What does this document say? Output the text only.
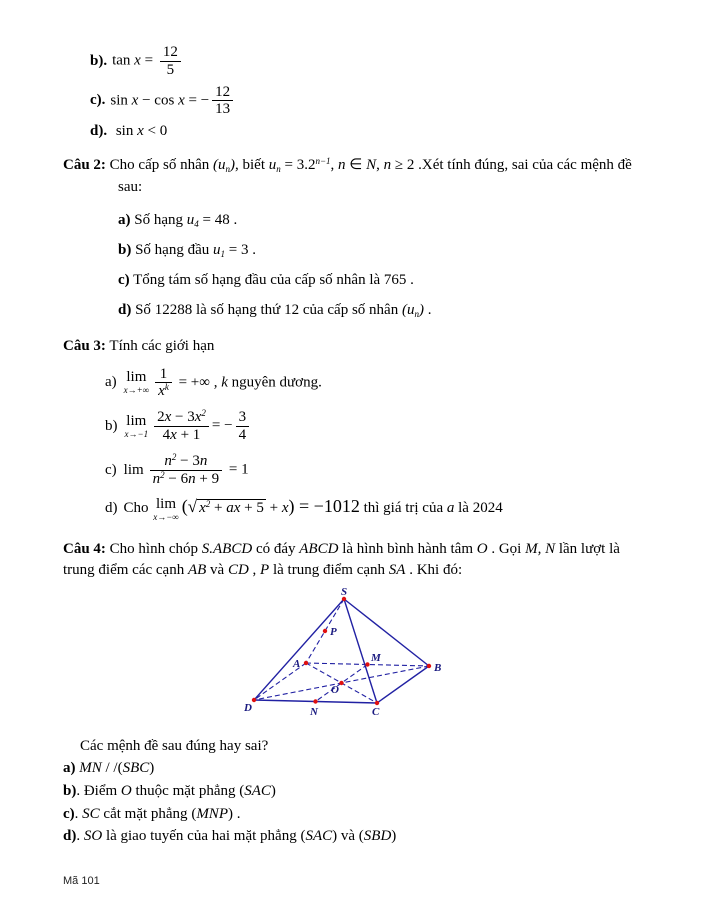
b). $\tan x = \frac{12}{5}$
c). sin x − cos x = − $\frac{12}{13}$
d). sin x < 0

Câu 2: Cho cấp số nhân $(u_n)$, biết $u_n = 3.2^{n-1}$, n ∈ N, n ≥ 2 .Xét tính đúng, sai của các mệnh đề sau:

a) Số hạng $u_4 = 48$ .
b) Số hạng đầu $u_1 = 3$ .
c) Tổng tám số hạng đầu của cấp số nhân là 765 .
d) Số 12288 là số hạng thứ 12 của cấp số nhân $(u_n)$ .

Câu 3: Tính các giới hạn

a) lim
$x\to+\infty \frac{1}{x^k}$ = +∞ , k nguyên dương.
b) lim
$x\to-1 \frac{2x - 3x^2}{4x + 1}$ = − $\frac{3}{4}$
c) $\lim \frac{n^2 - 3n}{n^2 - 6n + 9} = 1$
d) Cho lim
x→−∞
(√ $x^2$ + ax + 5 + x) = −1012 thì giá trị của a là 2024

Câu 4: Cho hình chóp S.ABCD có đáy ABCD là hình bình hành tâm O . Gọi M, N lần lượt là trung điểm các cạnh AB và CD , P là trung điểm cạnh SA . Khi đó:

S
P
A	M
B
O
D	N	C

Các mệnh đề sau đúng hay sai?

a) MN / /(SBC)
b). Điểm O thuộc mặt phẳng (SAC)
c). SC cắt mặt phẳng (MNP) .
d). SO là giao tuyến của hai mặt phẳng (SAC) và (SBD)
Mã 101
